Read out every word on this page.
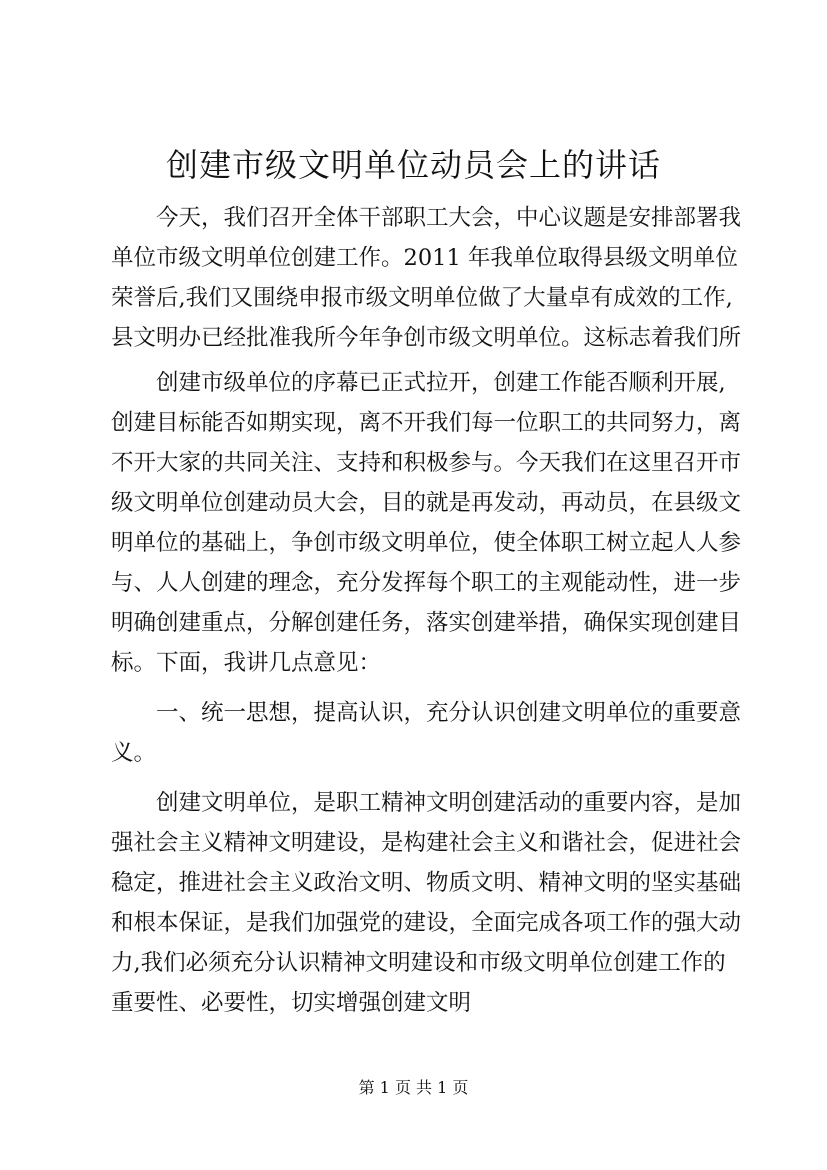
创建市级文明单位动员会上的讲话
今天，我们召开全体干部职工大会，中心议题是安排部署我
单位市级文明单位创建工作。2011 年我单位取得县级文明单位
荣誉后,我们又围绕申报市级文明单位做了大量卓有成效的工作,
县文明办已经批准我所今年争创市级文明单位。这标志着我们所
创建市级单位的序幕已正式拉开，创建工作能否顺利开展,
创建目标能否如期实现，离不开我们每一位职工的共同努力，离
不开大家的共同关注、支持和积极参与。今天我们在这里召开市
级文明单位创建动员大会，目的就是再发动，再动员，在县级文
明单位的基础上，争创市级文明单位，使全体职工树立起人人参
与、人人创建的理念，充分发挥每个职工的主观能动性，进一步
明确创建重点，分解创建任务，落实创建举措，确保实现创建目
标。下面，我讲几点意见：
一、统一思想，提高认识，充分认识创建文明单位的重要意
义。
创建文明单位，是职工精神文明创建活动的重要内容，是加
强社会主义精神文明建设，是构建社会主义和谐社会，促进社会
稳定，推进社会主义政治文明、物质文明、精神文明的坚实基础
和根本保证，是我们加强党的建设，全面完成各项工作的强大动
力,我们必须充分认识精神文明建设和市级文明单位创建工作的
重要性、必要性，切实增强创建文明
第 1 页 共 1 页
